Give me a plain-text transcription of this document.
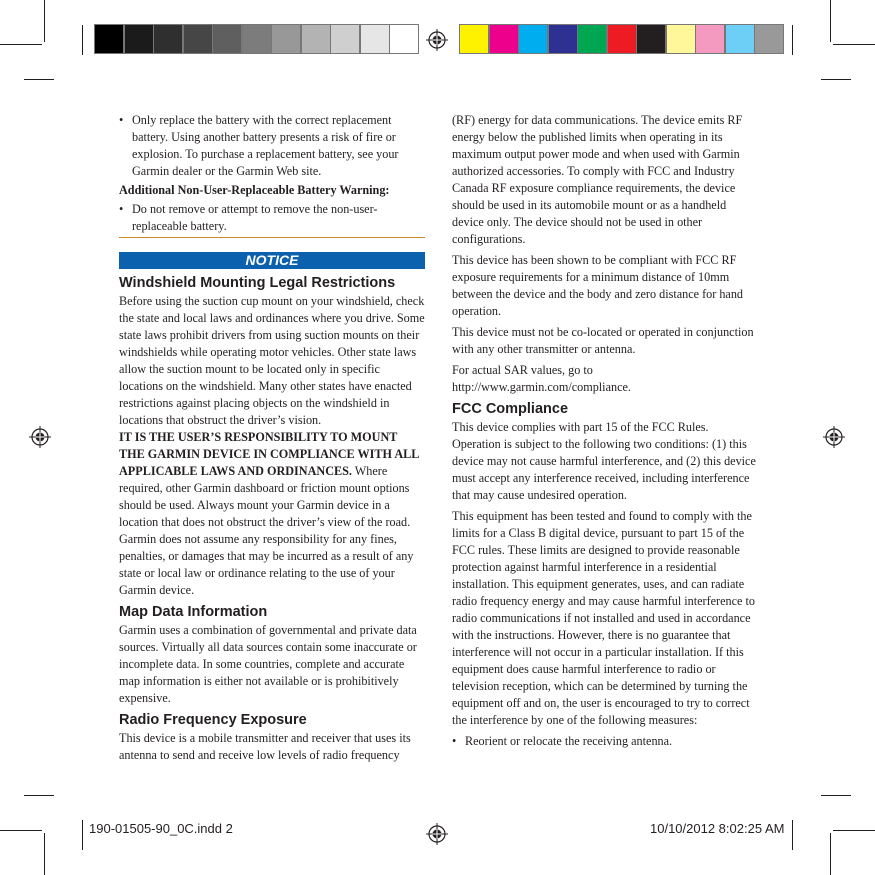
• Only replace the battery with the correct replacement battery. Using another battery presents a risk of fire or explosion. To purchase a replacement battery, see your Garmin dealer or the Garmin Web site.
Additional Non-User-Replaceable Battery Warning:
• Do not remove or attempt to remove the non-user-replaceable battery.
NOTICE
Windshield Mounting Legal Restrictions

Before using the suction cup mount on your windshield, check the state and local laws and ordinances where you drive. Some state laws prohibit drivers from using suction mounts on their windshields while operating motor vehicles. Other state laws allow the suction mount to be located only in specific locations on the windshield. Many other states have enacted restrictions against placing objects on the windshield in locations that obstruct the driver’s vision.

IT IS THE USER’S RESPONSIBILITY TO MOUNT THE GARMIN DEVICE IN COMPLIANCE WITH ALL APPLICABLE LAWS AND ORDINANCES. Where required, other Garmin dashboard or friction mount options should be used. Always mount your Garmin device in a location that does not obstruct the driver’s view of the road. Garmin does not assume any responsibility for any fines, penalties, or damages that may be incurred as a result of any state or local law or ordinance relating to the use of your Garmin device.

Map Data Information

Garmin uses a combination of governmental and private data sources. Virtually all data sources contain some inaccurate or incomplete data. In some countries, complete and accurate map information is either not available or is prohibitively expensive.

Radio Frequency Exposure

This device is a mobile transmitter and receiver that uses its antenna to send and receive low levels of radio frequency

(RF) energy for data communications. The device emits RF energy below the published limits when operating in its maximum output power mode and when used with Garmin authorized accessories. To comply with FCC and Industry Canada RF exposure compliance requirements, the device should be used in its automobile mount or as a handheld device only. The device should not be used in other configurations.

This device has been shown to be compliant with FCC RF exposure requirements for a minimum distance of 10mm between the device and the body and zero distance for hand operation.

This device must not be co-located or operated in conjunction with any other transmitter or antenna.

For actual SAR values, go to http://www.garmin.com/compliance.

FCC Compliance

This device complies with part 15 of the FCC Rules. Operation is subject to the following two conditions: (1) this device may not cause harmful interference, and (2) this device must accept any interference received, including interference that may cause undesired operation.

This equipment has been tested and found to comply with the limits for a Class B digital device, pursuant to part 15 of the FCC rules. These limits are designed to provide reasonable protection against harmful interference in a residential installation. This equipment generates, uses, and can radiate radio frequency energy and may cause harmful interference to radio communications if not installed and used in accordance with the instructions. However, there is no guarantee that interference will not occur in a particular installation. If this equipment does cause harmful interference to radio or television reception, which can be determined by turning the equipment off and on, the user is encouraged to try to correct the interference by one of the following measures:

• Reorient or relocate the receiving antenna.
190-01505-90_0C.indd 2	10/10/2012 8:02:25 AM
